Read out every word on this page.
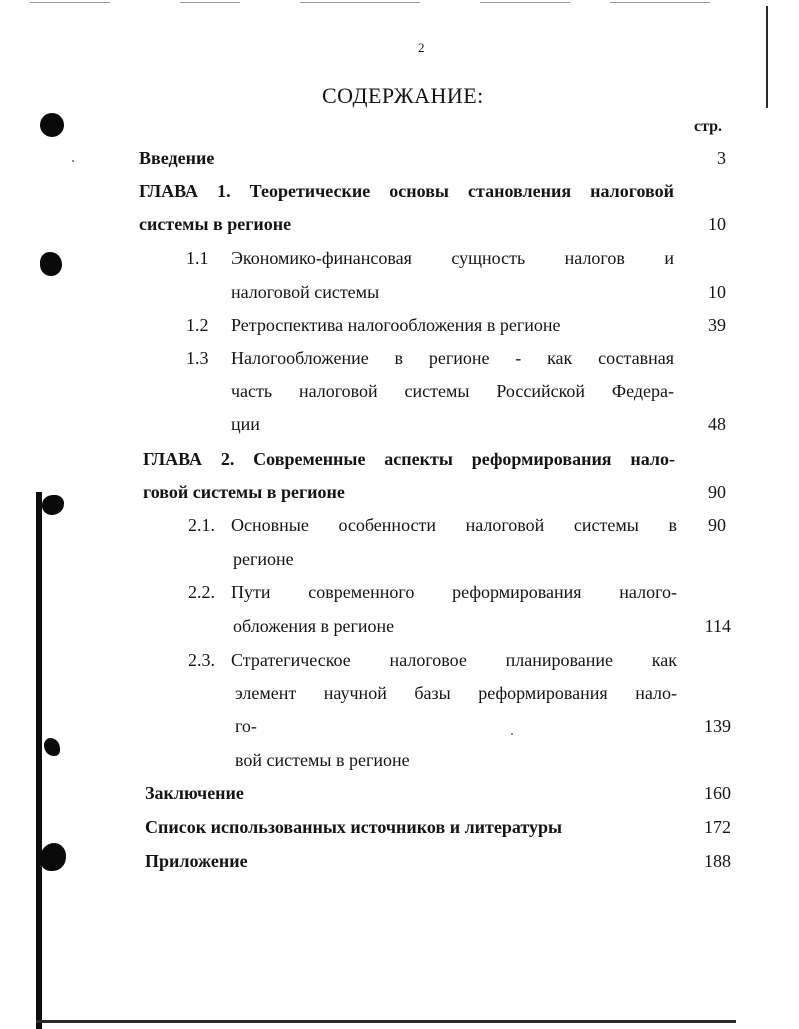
2
СОДЕРЖАНИЕ:
стр.
Введение	3
ГЛАВА 1. Теоретические основы становления налоговой
системы в регионе	10
1.1 Экономико-финансовая сущность налогов и
налоговой системы	10
1.2 Ретроспектива налогообложения в регионе	39
1.3 Налогообложение в регионе - как составная
часть налоговой системы Российской Федера-
ции	48
ГЛАВА 2. Современные аспекты реформирования нало-
говой системы в регионе	90
2.1. Основные особенности налоговой системы в	90
регионе
2.2. Пути современного реформирования налого-
обложения в регионе	114
2.3. Стратегическое налоговое планирование как
элемент научной базы реформирования нало-
го-	139
вой системы в регионе
Заключение	160
Список использованных источников и литературы	172
Приложение	188
